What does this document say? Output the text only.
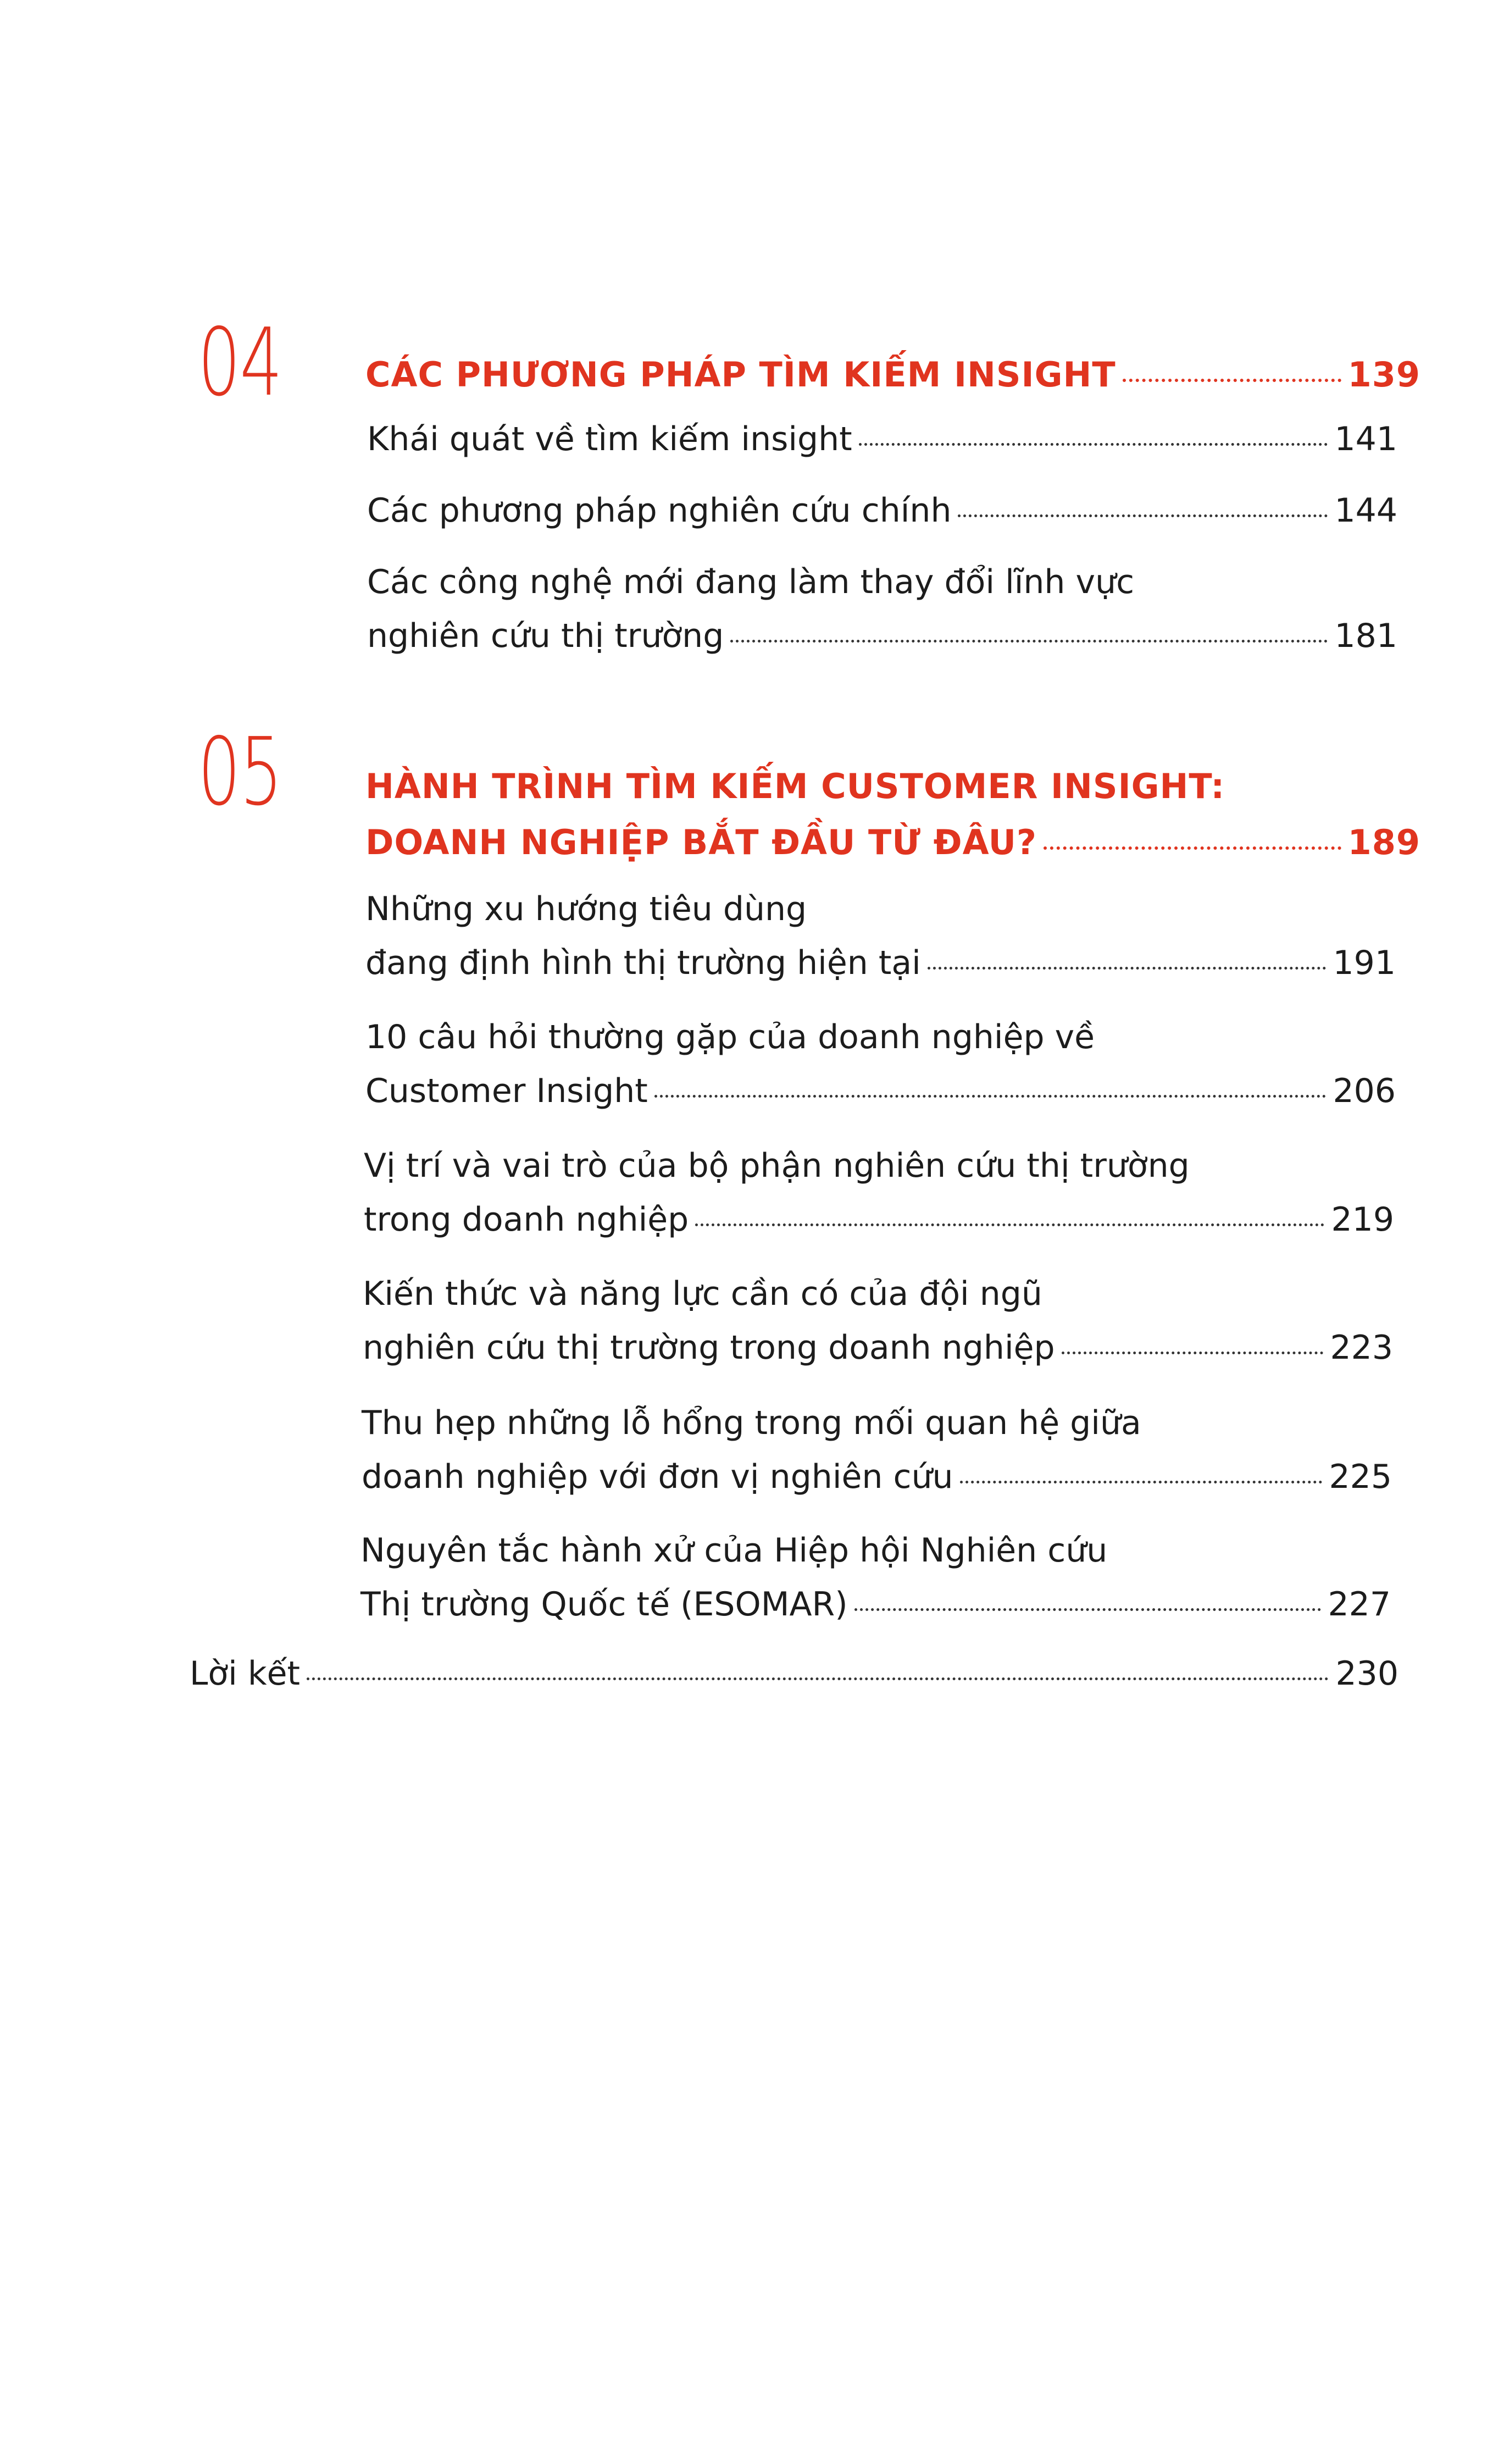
04 CÁC PHƯƠNG PHÁP TÌM KIẾM INSIGHT	139
Khái quát về tìm kiếm insight	141
Các phương pháp nghiên cứu chính	144
Các công nghệ mới đang làm thay đổi lĩnh vực
nghiên cứu thị trường	181
05 HÀNH TRÌNH TÌM KIẾM CUSTOMER INSIGHT:
DOANH NGHIỆP BẮT ĐẦU TỪ ĐÂU?	189
Những xu hướng tiêu dùng
đang định hình thị trường hiện tại	191
10 câu hỏi thường gặp của doanh nghiệp về
Customer Insight	206
Vị trí và vai trò của bộ phận nghiên cứu thị trường
trong doanh nghiệp	219
Kiến thức và năng lực cần có của đội ngũ
nghiên cứu thị trường trong doanh nghiệp	223
Thu hẹp những lỗ hổng trong mối quan hệ giữa
doanh nghiệp với đơn vị nghiên cứu	225
Nguyên tắc hành xử của Hiệp hội Nghiên cứu
Thị trường Quốc tế (ESOMAR)	227
Lời kết	230
